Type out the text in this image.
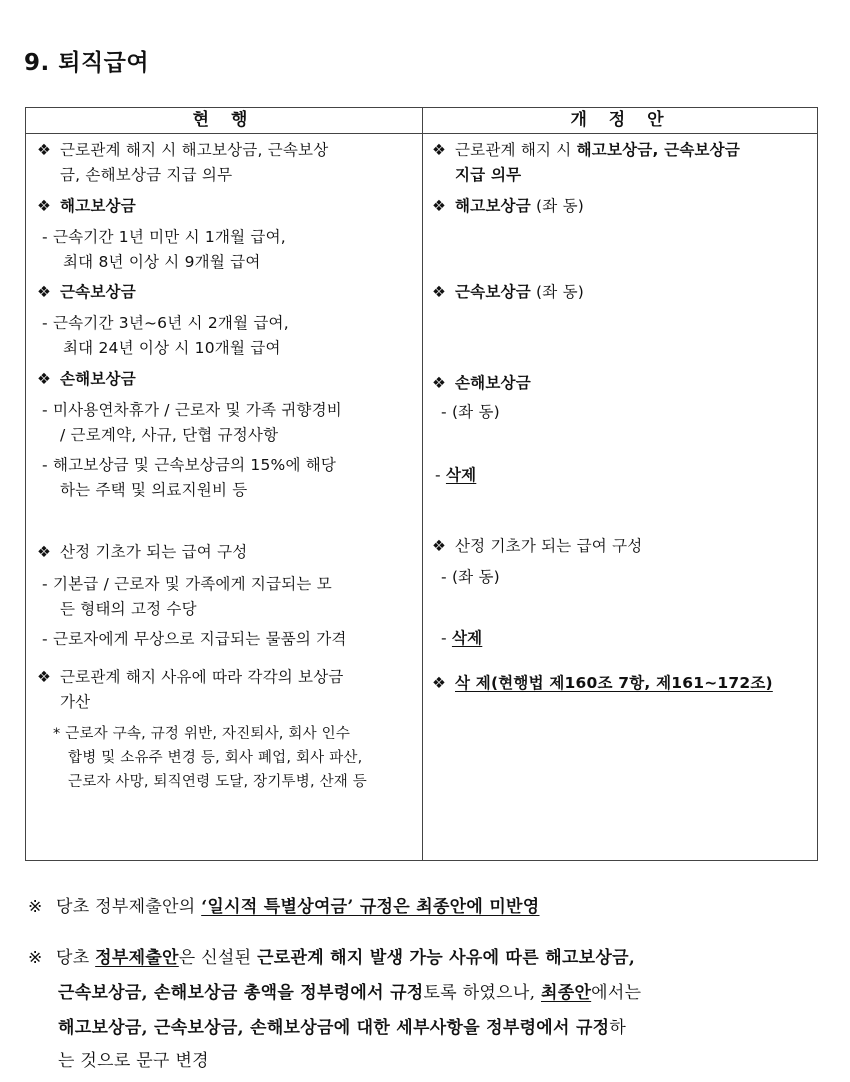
9. 퇴직급여
현 행	개 정 안
❖ 근로관계 해지 시 해고보상금, 근속보상
금, 손해보상금 지급 의무
❖ 해고보상금
- 근속기간 1년 미만 시 1개월 급여,
최대 8년 이상 시 9개월 급여
❖ 근속보상금
- 근속기간 3년~6년 시 2개월 급여,
최대 24년 이상 시 10개월 급여
❖ 손해보상금
- 미사용연차휴가 / 근로자 및 가족 귀향경비
/ 근로계약, 사규, 단협 규정사항
- 해고보상금 및 근속보상금의 15%에 해당
하는 주택 및 의료지원비 등
❖ 산정 기초가 되는 급여 구성
- 기본급 / 근로자 및 가족에게 지급되는 모
든 형태의 고정 수당
- 근로자에게 무상으로 지급되는 물품의 가격
❖ 근로관계 해지 사유에 따라 각각의 보상금
가산
* 근로자 구속, 규정 위반, 자진퇴사, 회사 인수
합병 및 소유주 변경 등, 회사 폐업, 회사 파산,
근로자 사망, 퇴직연령 도달, 장기투병, 산재 등
❖ 근로관계 해지 시 해고보상금, 근속보상금
지급 의무
❖ 해고보상금 (좌 동)
❖ 근속보상금 (좌 동)
❖ 손해보상금
- (좌 동)
- 삭제
❖ 산정 기초가 되는 급여 구성
- (좌 동)
- 삭제
❖ 삭 제(현행법 제160조 7항, 제161~172조)
※ 당초 정부제출안의 ‘일시적 특별상여금’ 규정은 최종안에 미반영
※ 당초 정부제출안은 신설된 근로관계 해지 발생 가능 사유에 따른 해고보상금,
근속보상금, 손해보상금 총액을 정부령에서 규정토록 하였으나, 최종안에서는
해고보상금, 근속보상금, 손해보상금에 대한 세부사항을 정부령에서 규정하
는 것으로 문구 변경
